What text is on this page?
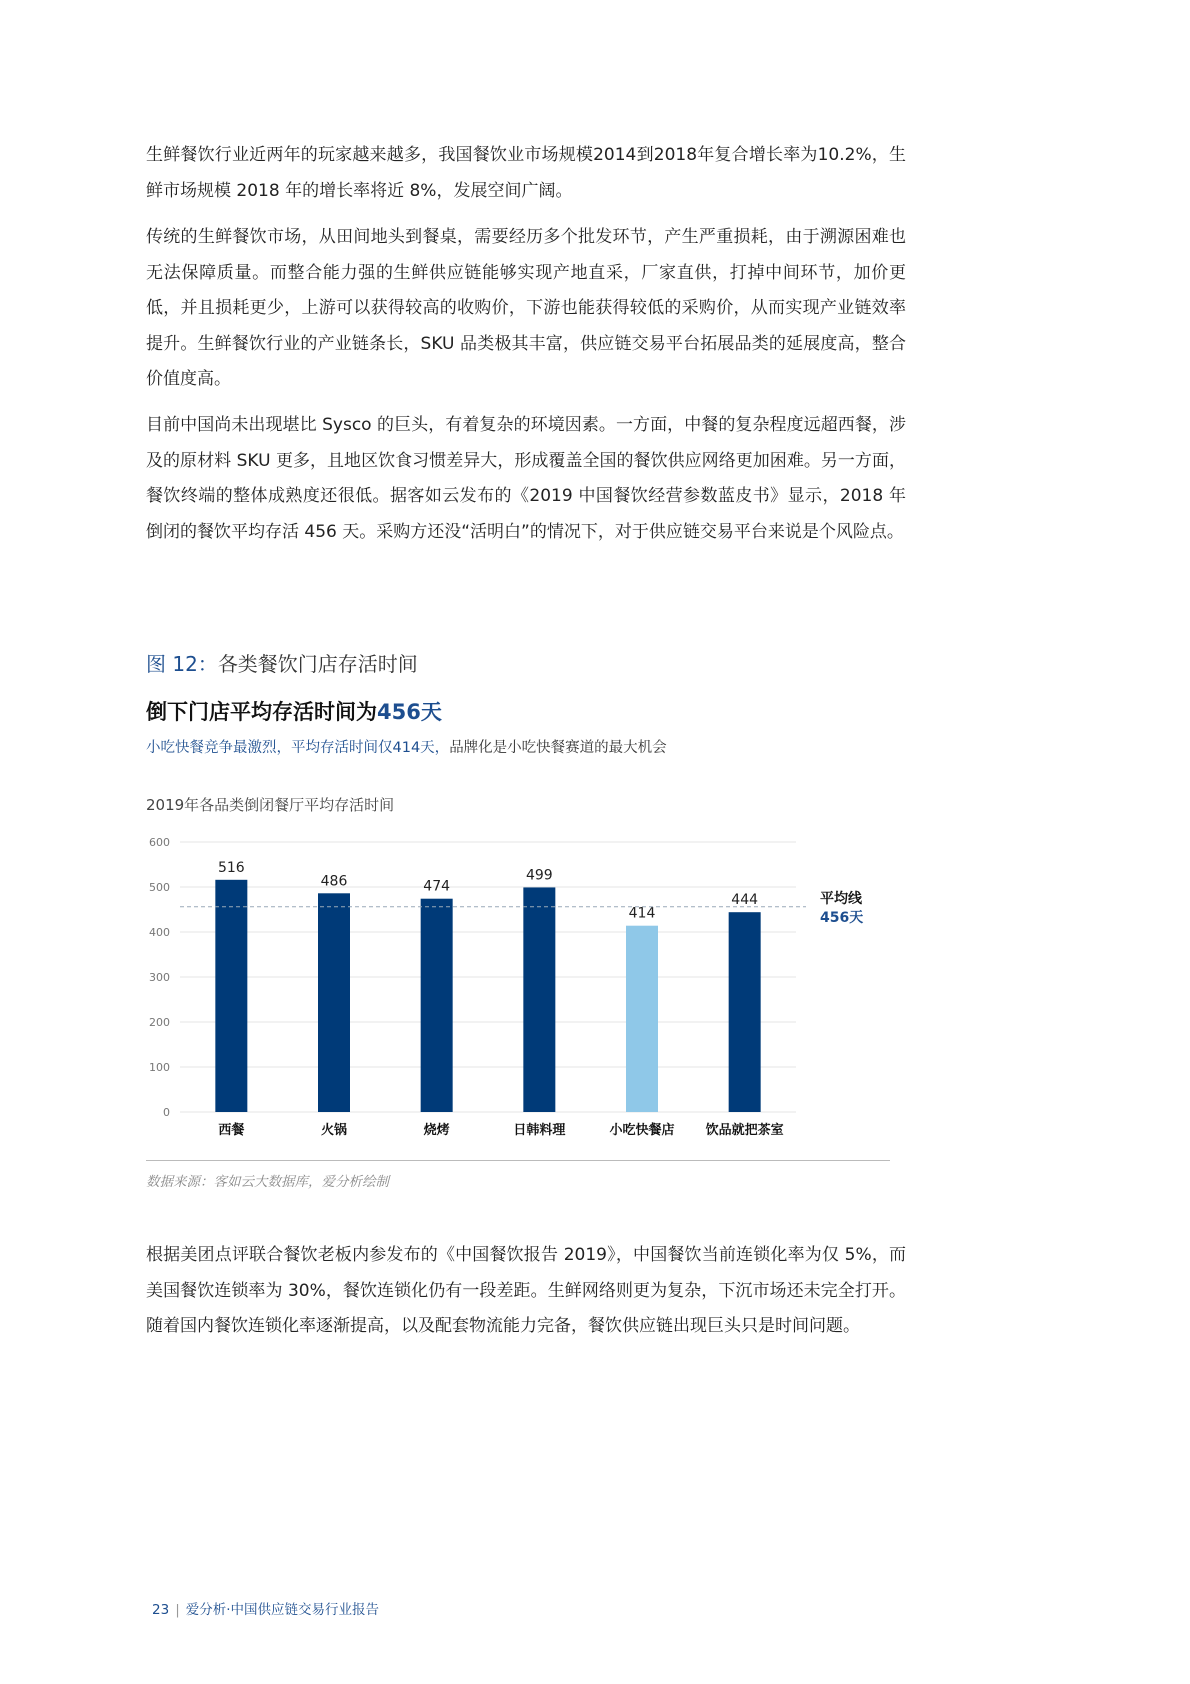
生鲜餐饮行业近两年的玩家越来越多，我国餐饮业市场规模2014到2018年复合增长率为10.2%，生鲜市场规模 2018 年的增长率将近 8%，发展空间广阔。

传统的生鲜餐饮市场，从田间地头到餐桌，需要经历多个批发环节，产生严重损耗，由于溯源困难也无法保障质量。而整合能力强的生鲜供应链能够实现产地直采，厂家直供，打掉中间环节，加价更低，并且损耗更少，上游可以获得较高的收购价，下游也能获得较低的采购价，从而实现产业链效率提升。生鲜餐饮行业的产业链条长，SKU 品类极其丰富，供应链交易平台拓展品类的延展度高，整合价值度高。

目前中国尚未出现堪比 Sysco 的巨头，有着复杂的环境因素。一方面，中餐的复杂程度远超西餐，涉及的原材料 SKU 更多，且地区饮食习惯差异大，形成覆盖全国的餐饮供应网络更加困难。另一方面，餐饮终端的整体成熟度还很低。据客如云发布的《2019 中国餐饮经营参数蓝皮书》显示，2018 年倒闭的餐饮平均存活 456 天。采购方还没“活明白”的情况下，对于供应链交易平台来说是个风险点。

图 12：各类餐饮门店存活时间
倒下门店平均存活时间为456天
小吃快餐竞争最激烈，平均存活时间仅414天，品牌化是小吃快餐赛道的最大机会
2019年各品类倒闭餐厅平均存活时间
0
100
200
300
400
500
600
516
西餐
486
火锅
474
烧烤
499
日韩料理
414
小吃快餐店
444
饮品就把茶室
平均线
456天
数据来源：客如云大数据库，爱分析绘制

根据美团点评联合餐饮老板内参发布的《中国餐饮报告 2019》，中国餐饮当前连锁化率为仅 5%，而美国餐饮连锁率为 30%，餐饮连锁化仍有一段差距。生鲜网络则更为复杂，下沉市场还未完全打开。随着国内餐饮连锁化率逐渐提高，以及配套物流能力完备，餐饮供应链出现巨头只是时间问题。

23 | 爱分析·中国供应链交易行业报告
